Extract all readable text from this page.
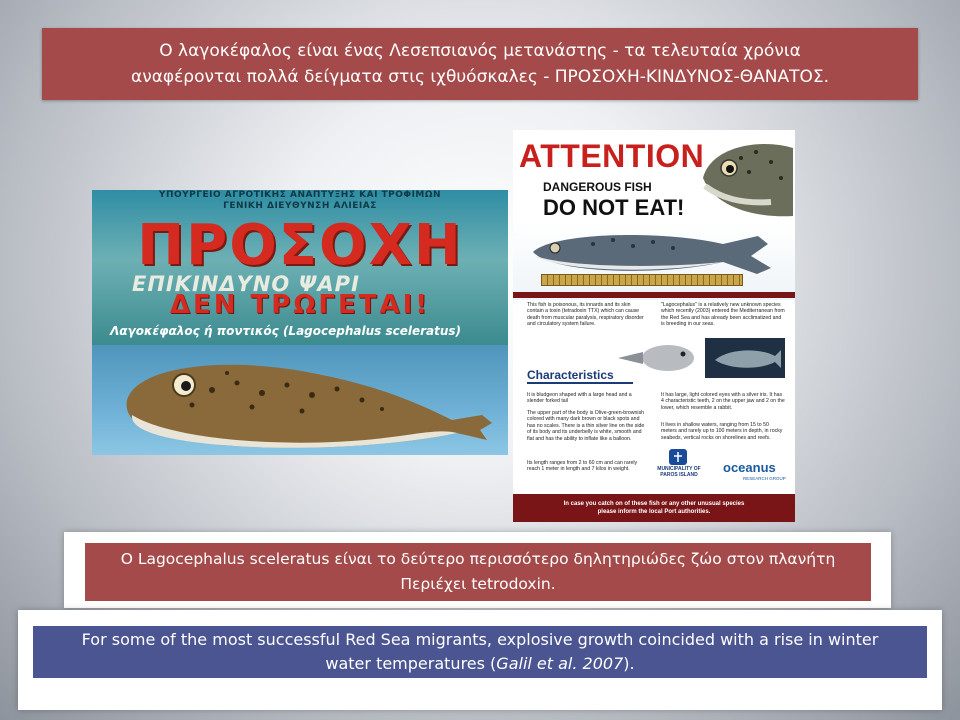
Ο λαγοκέφαλος είναι ένας Λεσεπσιανός μετανάστης - τα τελευταία χρόνια
αναφέρονται πολλά δείγματα στις ιχθυόσκαλες - ΠΡΟΣΟΧΗ-ΚΙΝΔΥΝΟΣ-ΘΑΝΑΤΟΣ.
ΥΠΟΥΡΓΕΙΟ ΑΓΡΟΤΙΚΗΣ ΑΝΑΠΤΥΞΗΣ ΚΑΙ ΤΡΟΦΙΜΩΝ
ΓΕΝΙΚΗ ΔΙΕΥΘΥΝΣΗ ΑΛΙΕΙΑΣ
ΠΡΟΣΟΧΗ
ΕΠΙΚΙΝΔΥΝΟ ΨΑΡΙ
ΔΕΝ ΤΡΩΓΕΤΑΙ!
Λαγοκέφαλος ή ποντικός (Lagocephalus sceleratus)
ATTENTION
DANGEROUS FISH
DO NOT EAT!
This fish is poisonous, its innards and its skin contain a toxin (tetradoxin TTX) which can cause death from muscular paralysis, respiratory disorder and circulatory system failure.
"Lagocephalus" is a relatively new unknown species which recently (2003) entered the Mediterranean from the Red Sea and has already been acclimatized and is breeding in our seas.
Characteristics
It is bludgeon shaped with a large head and a slender forked tail
The upper part of the body is Olive-green-brownish colored with many dark brown or black spots and has no scales. There is a thin silver line on the side of its body and its underbelly is white, smooth and flat and has the ability to inflate like a balloon.
Its length ranges from 2 to 60 cm and can rarely reach 1 meter in length and 7 kilos in weight.
It has large, light colored eyes with a silver iris. It has 4 characteristic teeth, 2 on the upper jaw and 2 on the lower, which resemble a rabbit.
It lives in shallow waters, ranging from 15 to 50 meters and rarely up to 100 meters in depth, in rocky seabeds, vertical rocks on shorelines and reefs.
MUNICIPALITY OF PAROS ISLAND	oceanus
RESEARCH GROUP
In case you catch on of these fish or any other unusual species
please inform the local Port authorities.
Ο Lagocephalus sceleratus είναι το δεύτερο περισσότερο δηλητηριώδες ζώο στον πλανήτη
Περιέχει tetrodoxin.
For some of the most successful Red Sea migrants, explosive growth coincided with a rise in winter
water temperatures (Galil et al. 2007).
